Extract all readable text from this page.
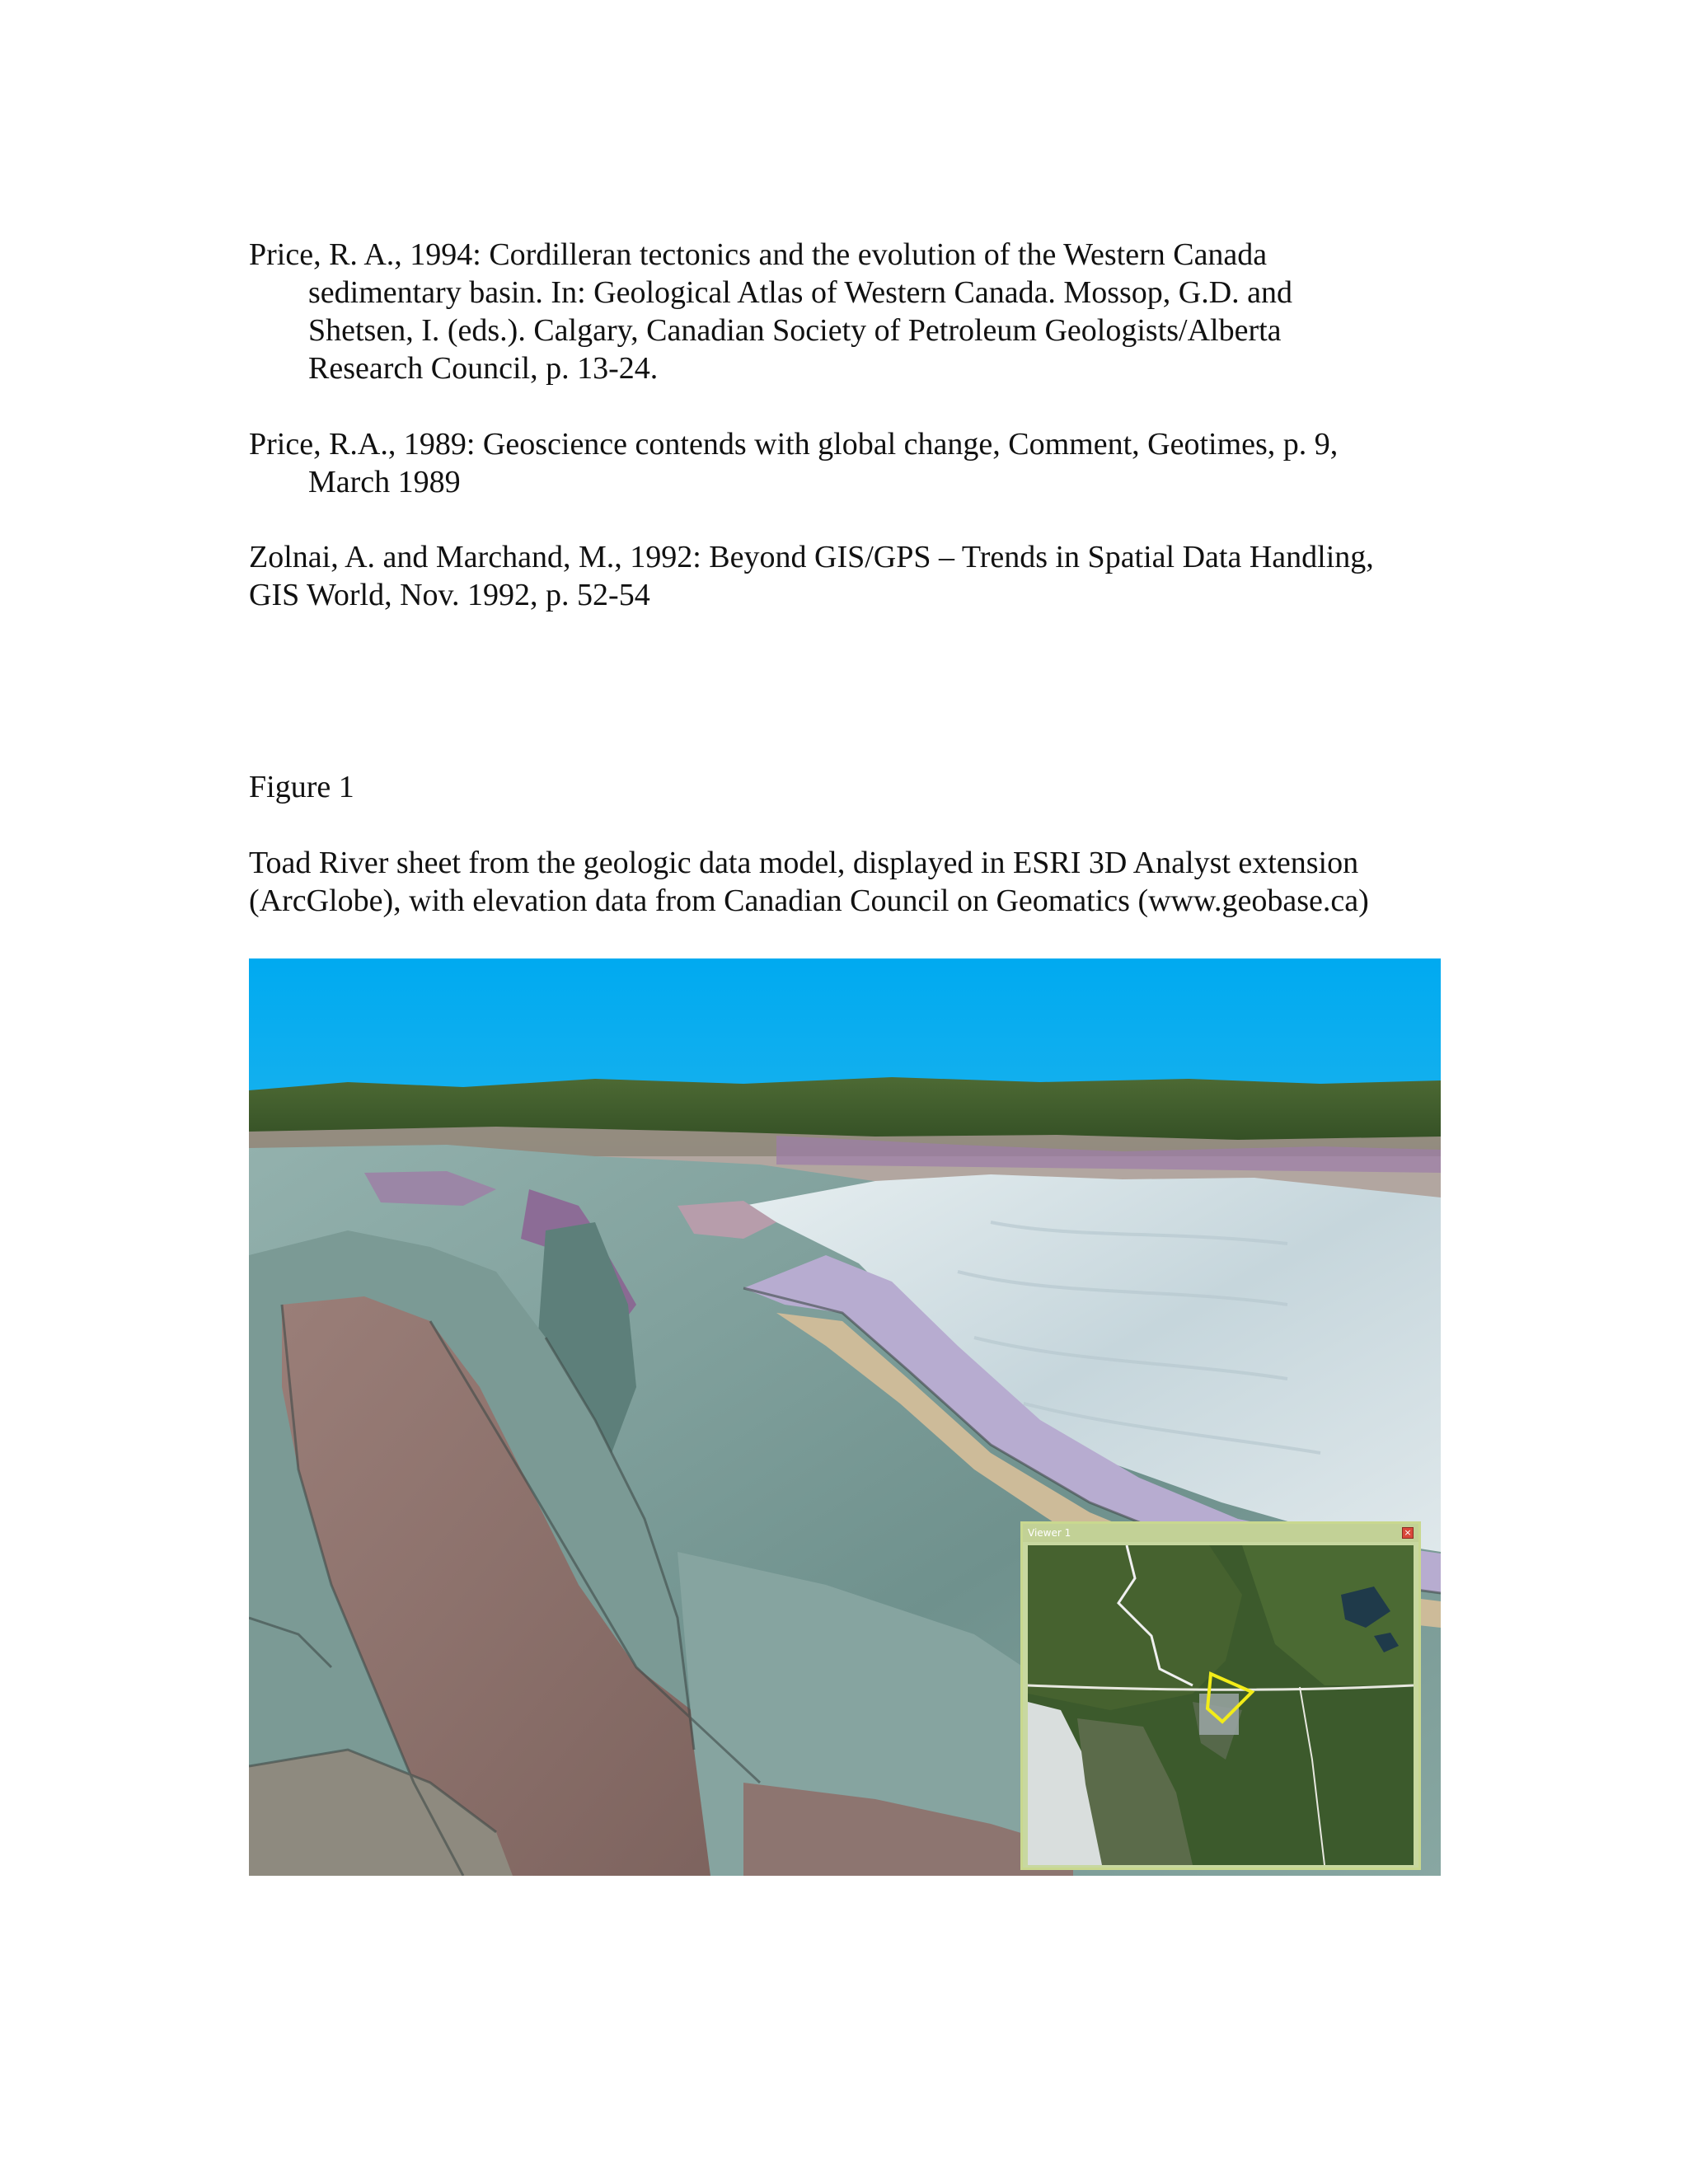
Price, R. A., 1994: Cordilleran tectonics and the evolution of the Western Canada
sedimentary basin. In: Geological Atlas of Western Canada. Mossop, G.D. and
Shetsen, I. (eds.). Calgary, Canadian Society of Petroleum Geologists/Alberta
Research Council, p. 13-24.
Price, R.A., 1989: Geoscience contends with global change, Comment, Geotimes, p. 9,
March 1989
Zolnai, A. and Marchand, M., 1992: Beyond GIS/GPS – Trends in Spatial Data Handling,
GIS World, Nov. 1992, p. 52-54
Figure 1
Toad River sheet from the geologic data model, displayed in ESRI 3D Analyst extension
(ArcGlobe), with elevation data from Canadian Council on Geomatics (www.geobase.ca)
Viewer 1	×
